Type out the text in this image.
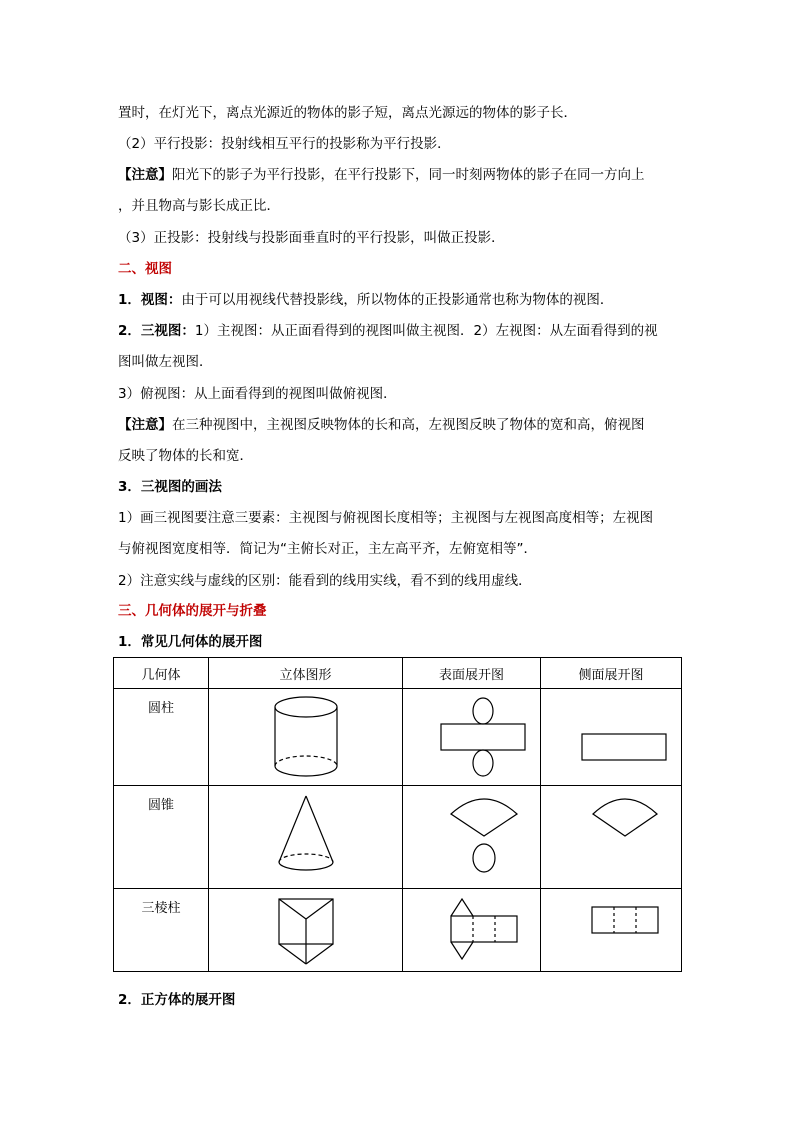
置时，在灯光下，离点光源近的物体的影子短，离点光源远的物体的影子长．
（2）平行投影：投射线相互平行的投影称为平行投影．
【注意】阳光下的影子为平行投影，在平行投影下，同一时刻两物体的影子在同一方向上
，并且物高与影长成正比．
（3）正投影：投射线与投影面垂直时的平行投影，叫做正投影．
二、视图
1．视图：由于可以用视线代替投影线，所以物体的正投影通常也称为物体的视图．
2．三视图：1）主视图：从正面看得到的视图叫做主视图．2）左视图：从左面看得到的视
图叫做左视图．
3）俯视图：从上面看得到的视图叫做俯视图．
【注意】在三种视图中，主视图反映物体的长和高，左视图反映了物体的宽和高，俯视图
反映了物体的长和宽．
3．三视图的画法
1）画三视图要注意三要素：主视图与俯视图长度相等；主视图与左视图高度相等；左视图
与俯视图宽度相等．简记为“主俯长对正，主左高平齐，左俯宽相等”．
2）注意实线与虚线的区别：能看到的线用实线，看不到的线用虚线．
三、几何体的展开与折叠
1．常见几何体的展开图
几何体	立体图形	表面展开图	侧面展开图
圆柱	

圆锥	

三棱柱	

2．正方体的展开图
